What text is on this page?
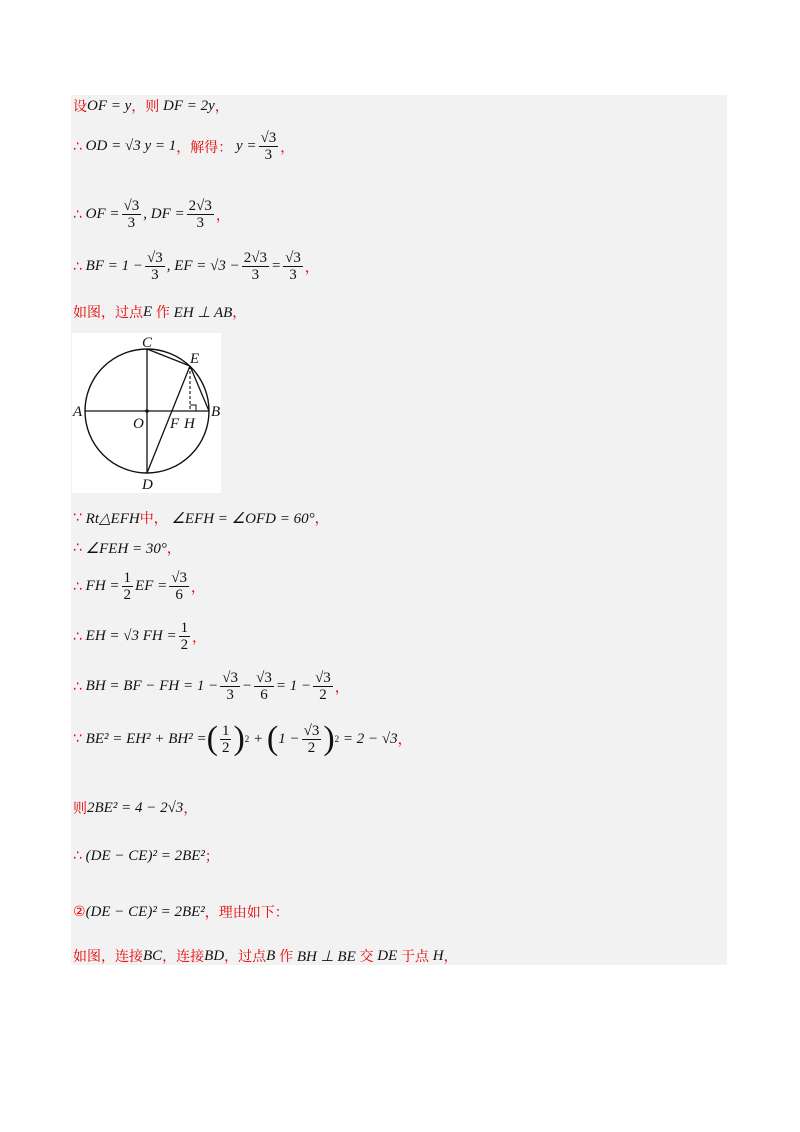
设 OF = y ， 则
DF = 2y ，
∴
OD = √3 y = 1 ， 解得：
$y = \frac{√3}{3}$ ，
∴
OF = $\frac{√3}{3}$ , DF = $\frac{2√3}{3}$ ，
∴
BF = $1 - \frac{√3}{3}$ , EF = $√3 - \frac{2√3}{3} = \frac{√3}{3}$ ，
如图，过点 E
作
EH ⊥ AB ，
A	B
C
D
E
O F H
∵
Rt△EFH 中，
∠EFH = ∠OFD = 60° ，
∴
∠FEH = 30° ，
∴
FH = $\frac{1}{2}$ EF = $\frac{√3}{6}$ ，
∴
EH = √3 FH = $\frac{1}{2}$ ，
∴
BH = BF − FH = $1 - \frac{√3}{3} - \frac{√3}{6} = 1 - \frac{√3}{2}$ ，
∵
BE² = EH² + BH² = ( $\frac{1}{2}$ ) 2 + ( $1 - \frac{√3}{2}$ ) 2
= 2 − √3 ，
则 2BE² = 4 − 2√3 ，
∴
(DE − CE)² = 2BE² ；
② (DE − CE)² = 2BE² ，理由如下：
如图，连接 BC ，连接 BD ，过点 B
作
BH ⊥ BE
交
DE
于点
H ，
